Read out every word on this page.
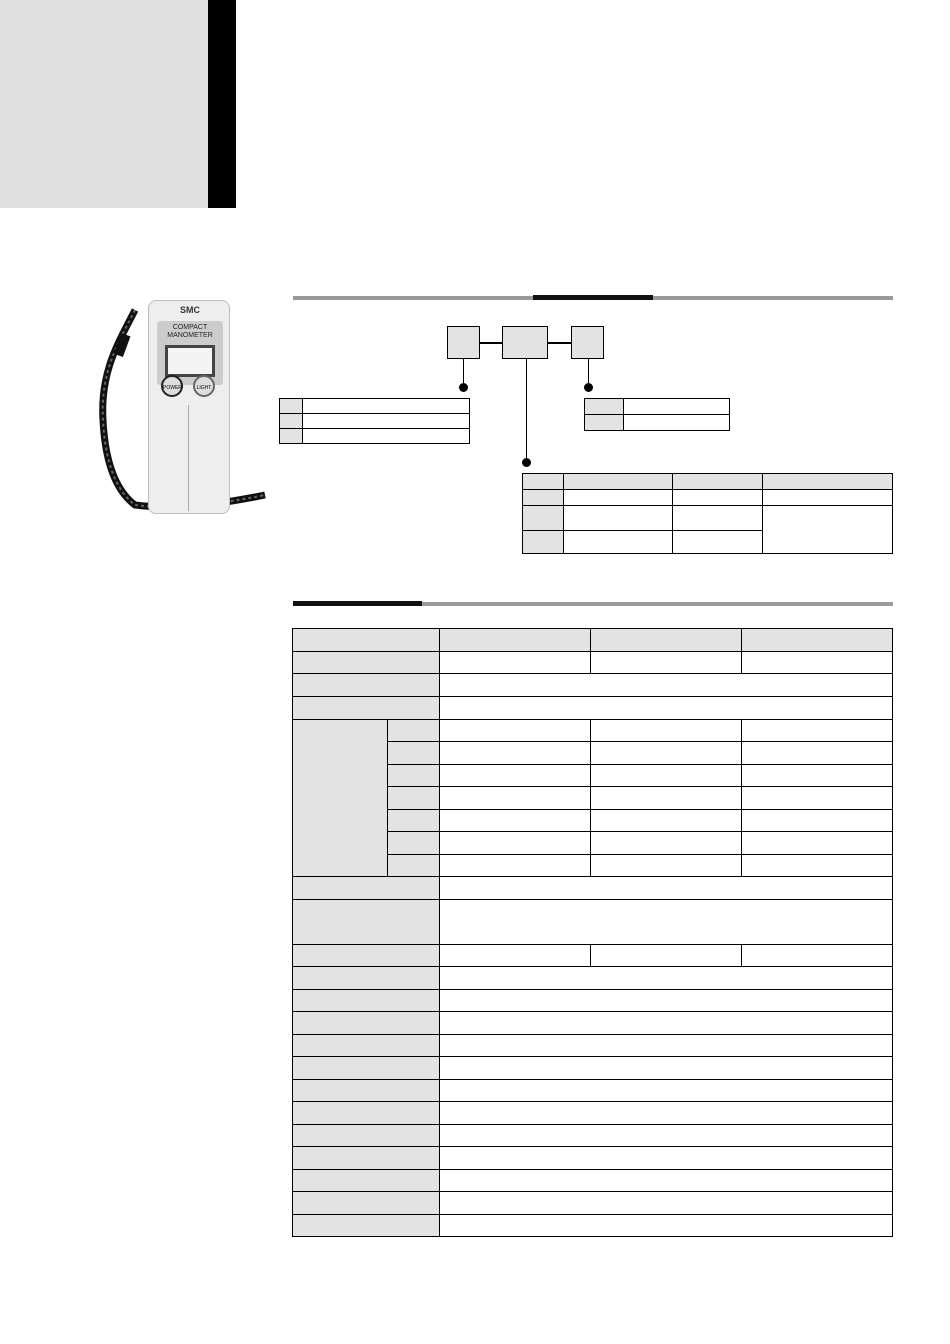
SMC
COMPACT
MANOMETER
POWER	LIGHT
